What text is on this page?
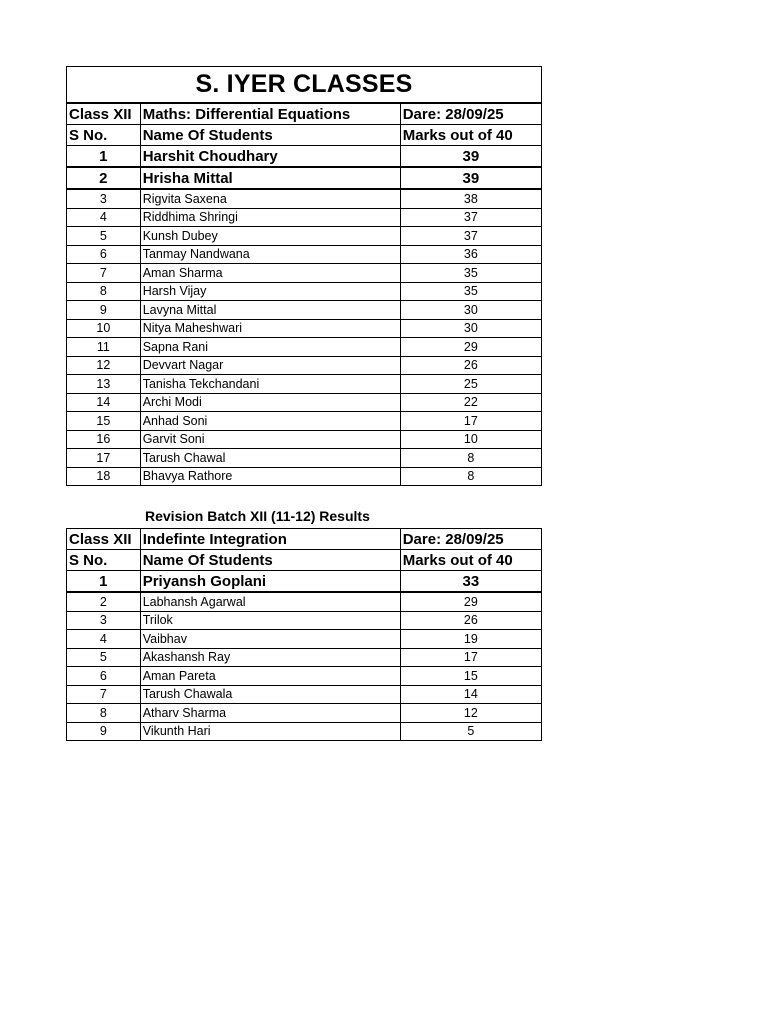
S. IYER CLASSES		
Class XII	Maths: Differential Equations	Dare: 28/09/25
S No.	Name Of Students	Marks out of 40
1	Harshit Choudhary	39
2	Hrisha Mittal	39
3	Rigvita Saxena	38
4	Riddhima Shringi	37
5	Kunsh Dubey	37
6	Tanmay Nandwana	36
7	Aman Sharma	35
8	Harsh Vijay	35
9	Lavyna Mittal	30
10	Nitya Maheshwari	30
11	Sapna Rani	29
12	Devvart Nagar	26
13	Tanisha Tekchandani	25
14	Archi Modi	22
15	Anhad Soni	17
16	Garvit Soni	10
17	Tarush Chawal	8
18	Bhavya Rathore	8

Revision Batch XII (11-12) Results

Class XII	Indefinte Integration	Dare: 28/09/25
S No.	Name Of Students	Marks out of 40
1	Priyansh Goplani	33
2	Labhansh Agarwal	29
3	Trilok	26
4	Vaibhav	19
5	Akashansh Ray	17
6	Aman Pareta	15
7	Tarush Chawala	14
8	Atharv Sharma	12
9	Vikunth Hari	5
